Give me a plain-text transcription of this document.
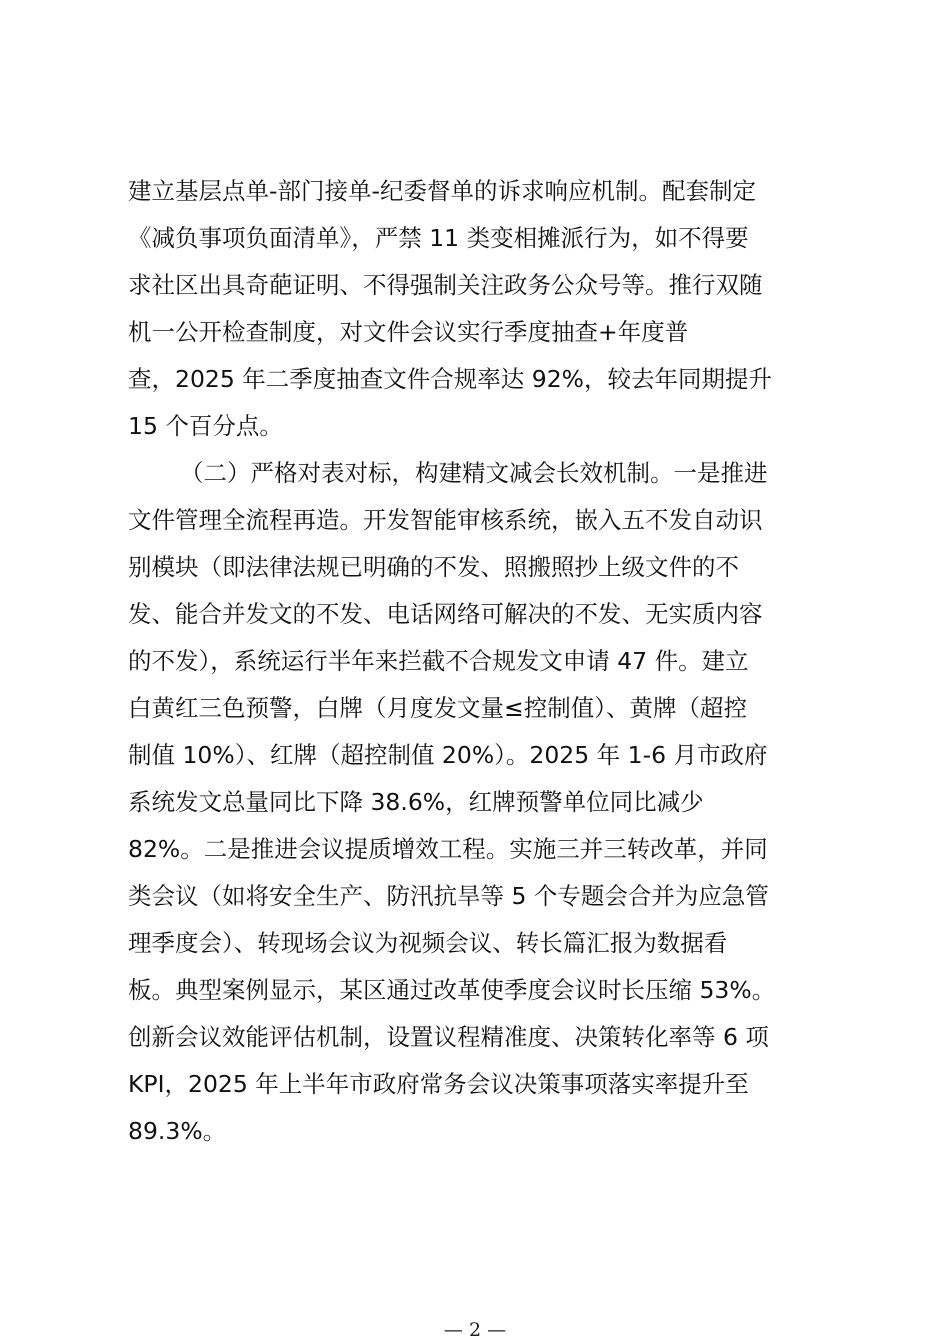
建立基层点单-部门接单-纪委督单的诉求响应机制。配套制定
《减负事项负面清单》，严禁 11 类变相摊派行为，如不得要
求社区出具奇葩证明、不得强制关注政务公众号等。推行双随
机一公开检查制度，对文件会议实行季度抽查+年度普
查，2025 年二季度抽查文件合规率达 92%，较去年同期提升
15 个百分点。
（二）严格对表对标，构建精文减会长效机制。一是推进
文件管理全流程再造。开发智能审核系统，嵌入五不发自动识
别模块（即法律法规已明确的不发、照搬照抄上级文件的不
发、能合并发文的不发、电话网络可解决的不发、无实质内容
的不发），系统运行半年来拦截不合规发文申请 47 件。建立
白黄红三色预警，白牌（月度发文量≤控制值）、黄牌（超控
制值 10%）、红牌（超控制值 20%）。2025 年 1-6 月市政府
系统发文总量同比下降 38.6%，红牌预警单位同比减少
82%。二是推进会议提质增效工程。实施三并三转改革，并同
类会议（如将安全生产、防汛抗旱等 5 个专题会合并为应急管
理季度会）、转现场会议为视频会议、转长篇汇报为数据看
板。典型案例显示，某区通过改革使季度会议时长压缩 53%。
创新会议效能评估机制，设置议程精准度、决策转化率等 6 项
KPI，2025 年上半年市政府常务会议决策事项落实率提升至
89.3%。
— 2 —
